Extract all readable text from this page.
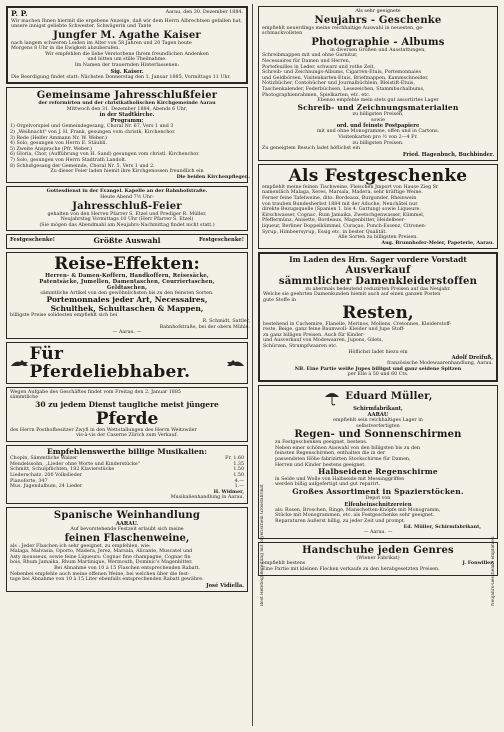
P. P.	Aarau, den 30. Dezember 1884.
Wir machen Ihnen hiermit die ergebene Anzeige, daß wir dem Herrn Albrechtsen gefallen hat, unsere innigst geliebte Schwester, Schwägerin und Tante
Jungfer M. Agathe Kaiser
nach langem schweren Leiden im Alter von 58 Jahren und 20 Tagen heute
Morgens 8 Uhr in die Ewigkeit abzuberufen.
Wir empfehlen die liebe Verstorbene Ihrem freundlichen Andenken
und bitten um stille Theilnahme.
Im Namen der trauernden Hinterlassenen:
Sig. Kaiser.
Die Beerdigung findet statt: Nächsten Donnerstag den 1. Januar 1885, Vormittags 11 Uhr.
Gemeinsame Jahresschlußfeier
der reformirten und der christkatholischen Kirchgemeinde Aarau
Mittwoch den 31. Dezember 1884, Abends 6 Uhr,
in der Stadtkirche.
Programm:
1) Orgelvorspiel und Gemeindegesang, Choral Nr. 67, Vers 1 und 3
2) „Weihnacht" von J. H. Frank, gesungen vom christk. Kirchenchor.
3) Rede (Helfer Ammann Nr. W. Weber.)
4) Solo, gesungen von Herrn E. Stäubli.
5) Zweite Ansprache (Pfr. Weber.)
6) Gloria, Chor, (Aufführung von H. Sand) gesungen vom christl. Kirchenchor.
7) Solo, gesungen von Herrn Stadtrath Landolt.
8) Schlußgesang der Gemeinde, Choral Nr. 5, Vers 1 und 2.
Zu dieser Feier laden hiemit ihre Kirchgenossen freundlich ein
Die beiden Kirchenpflegen.
Gottesdienst in der Evangel. Kapelle an der Bahnhofstraße.
Heute Abend 7½ Uhr:
Jahresschluß-Feier
gehalten von den Herren Pfarrer S. Etzel und Prediger R. Müller.
Neujahrstag Vormittags 10 Uhr (Herr Pfarrer S. Etzel)
(Sie mögen das Abendmahl am Neujahrs-Nachmittag findet nicht statt.)
Festgeschenke!	Größte Auswahl	Festgeschenke!
Reise-Effekten:
Herren- & Damen-Koffern, Handkoffern, Reisesäcke,
Patentsäcke, Jumellen, Damentaschen, Courriertaschen,
Geldtaschen,
sämmtliche Artikel von den gewöhnlichsten bis zu den feinsten Sorten.
Portemonnaies jeder Art, Necessaires,
Schulthek, Schultaschen & Mappen,
billigste Preise solidesten empfiehlt sich bei
R. Schmidt, Sattler,
Bahnhofstraße, bei der obern Mühle.
— Aarau. —
Für Pferdeliebhaber.
Wegen Aufgabe des Geschäftes findet vom Freitag den 2. Januar 1885
sämmtliche
30 zu jedem Dienst taugliche meist jüngere
Pferde
des Herrn Posthofbesitzer Zwyfi in den Wettstallungen des Herrn Weitzwiler
vis-à-vis der Caserne Zürich zum Verkauf.
Empfehlenswerthe billige Musikalien:
Chopin, Sämmtliche Walzer	Fr. 1.60
Mendelssohn, „Lieder ohne Worte und Kinderstücke"	1.35
Schmitt, Schulpflichten, 182 Klavierstücke	1.50
Liederschatz, 200 Volkslieder	1.50
Pianoforte, 347	4.—
Mus. Jugendalbum, 24 Lieder	1.—
H. Widmer,
Musikalienhandlung in Aarau.
Spanische Weinhandlung
AARAU.
Auf bevorstehende Festzeit erlaubt sich meine
feinen Flaschenweine,
als : Jeder Flaschen ich sehr geeignet, zu empfehlen, wie:
Malaga, Malvasia, Oporto, Madera, Jerez, Marsala, Alicante, Muscatel und
Asty mousseux, sowie feine Liqueurs: Cognac fine champagne, Cognac fin
bois, Rhum Jamaika, Rhum Martinique, Wermouth, Dominic's Magenbitter.
Bei Abnahme von 10 à 15 Flaschen entsprechenden Rabatt.
Nebenbei empfehle auch meine offenen Weine, bei welchen über die fest-
tage bei Abnahme von 10 à 15 Liter ebenfalls entsprechenden Rabatt gewähre.
José Vidiella.
Als sehr geeignete
Neujahrs - Geschenke
empfiehlt neuerdings meine reichhaltige Auswahl in neuesten, ge-
schmackvollsten
Photographie - Albums
in diversen Größen und Ausstattungen,
Schreibmappen mit und ohne Garnitur,
Necessaires für Damen und Herren,
Portefeuilles in Leder, schwarz und rothe Zeit,
Schreib- und Zeichnungs-Albums, Cigarren-Etuis, Portemonnaies
und Geldbörsen, Visitenkarten-Etuis, Briefmappen, Kammschneider,
Notizbücher, Contobücher und Journalbüchlein, Bleistift-Etuis,
Taschenkalender, Federbüchsen, Lesezeichen, Stammbuchalbums,
Photographienrahmen, Spielkarten, etc. etc.
Ebenso empfehle mein stets gut assortirtes Lager
Schreib- und Zeichnungsmaterialien
zu billigsten Preisen,
sowie
ord. und feinste Postpapiere
mit und ohne Monogramme, offen und in Cartons.
Visitenkarten pro ½ von 2—4 Fr.
zu billigsten Preisen.
Zu geneigtem Besuch ladet höflichst ein
Fried. Hagenbuch, Buchbinder.
Als Festgeschenke
empfiehlt meine feinen Tischweine, Fleischen Jmport von Hause Zieg Sr
namentlich Malaga, Xeres, Marsala, Madera, sehr kräftige Weine.
Ferner feine Tafelweine, dito: Bordeaux, Burgunder, Rheinwein
von trauben Bundesherbst 1884 mit der Aduche, Neuchâtel nur
direkte Bezugsquelle (Spanien 1. bis 4. Gattung) sowie Liqueure,
Kirschwasser, Cognac, Rum Jamaika, Zwetschgenwasser, Kümmel,
Pfeffermünz, Anisette, Bordeaux, Magenbitter, Heidelbeer-
liqueur, Berliner Doppelkümmel, Curaçao, Punch-Essenz, Citronen-
Syrup, Himbeersyrup, Essig etc. in bester Qualität.
Alle Sorten zu billigsten Preisen.
Aug. Brunnhofer-Meier, Papeterie, Aarau.
Im Laden des Hrn. Sager vordere Vorstadt
Ausverkauf
sämmtlicher Damenkleiderstoffen
zu abermals bedeutend reduzirten Preisen auf das Neujahr.
Welche sie geehrten Damenkunden hiemit auch auf einen ganzen Posten
gute Stoffe in
Resten,
bestehend in Cachemire, Flanelle, Merinos, Mollens, Cretonnes, Kleiderstoff-
reste, Beige, ganz feine Baumwoll- Kleider und Jupe Stoff-
zu ganz billigen Preisen. Auch für Kinder-
und Ausverkauf von Modewaaren, Jupons, Gilets,
Schürzen, Strumpfwaaren etc.
Höflichst ladet hiezu ein
Adolf Dreifuß,
französische Modewaarenhandlung, Aarau.
NB. Eine Partie weiße Jupes billigst und ganz seidene Spitzen
per Elle à 50 und 60 Cts.
Best Hefeteig-Bereitung mit bayerischem Grossfabrikat	Neujahrs-Geschenke empfohlen
Eduard Müller,
Schirmfabrikant,
AARAU
empfiehlt sein reichhaltiges Lager in
selbstverfertigten
Regen- und Sonnenschirmen
zu Festgeschenken geeignet, bestens.
Neben einer schönen Auswahl von den billigsten bis zu den
feinsten Regenschirmen, enthalten die in der
passendsten Höhe fabrizirten Stockschirme für Damen,
Herren und Kinder bestens geeignet.
Halbseidene Regenschirme
in Seide und Wolle von Halbseide mit Messinggriffen
werden billig aufgefertigt und gut reparirt.
Großes Assortiment in Spazierstöcken.
Depot von
Elfenbeinschnitzereien
als: Rosen, Broschen, Ringe, Manschetten-Knöpfe mit Monogramm,
Stücke mit Monogrammen, etc. als Festgeschenke sehr geeignet.
Reparaturen äußerst billig, zu jeder Zeit und prompt.
Ed. Müller, Schirmfabrikant,
— Aarau. —
Handschuhe jeden Genres
(Wiener Fabrikat)
empfiehlt bestens	J. Fonwiller.
Eine Partie mit kleinen Flecken verkaufe zu den herabgesetzten Preisen.
